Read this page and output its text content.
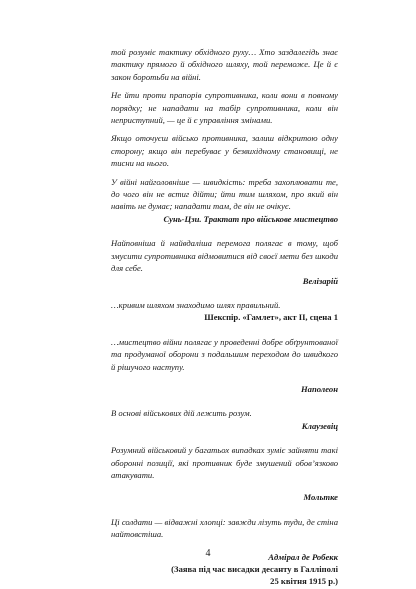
той розуміє тактику обхідного руху… Хто заздалегідь знає тактику прямого й обхідного шляху, той переможе. Це й є закон боротьби на війні.

Не йти проти прапорів супротивника, коли вони в повному порядку; не нападати на табір супротивника, коли він неприступний, — це й є управління змінами.

Якщо оточуєш військо противника, залиш відкритою одну сторону; якщо він перебуває у безвихідному становищі, не тисни на нього.

У війні найголовніше — швидкість: треба захоплювати те, до чого він не встиг дійти; йти тим шляхом, про який він навіть не думає; нападати там, де він не очікує.

Сунь-Цзи. Трактат про військове мистецтво

Найповніша й найвдаліша перемога полягає в тому, щоб змусити супротивника відмовитися від своєї мети без шкоди для себе.

Велізарій

…кривим шляхом знаходимо шлях правильний.

Шекспір. «Гамлет», акт II, сцена 1

…мистецтво війни полягає у проведенні добре обґрунтованої та продуманої оборони з подальшим переходом до швидкого й рішучого наступу.

Наполеон

В основі військових дій лежить розум.

Клаузевіц

Розумний військовий у багатьох випадках зуміє зайняти такі оборонні позиції, які противник буде змушений обов’язково атакувати.

Мольтке

Ці солдати — відважні хлопці: завжди лізуть туди, де стіна найтовстіша.

Адмірал де Робекк

(Заява під час висадки десанту в Галліполі

25 квітня 1915 р.)

4
